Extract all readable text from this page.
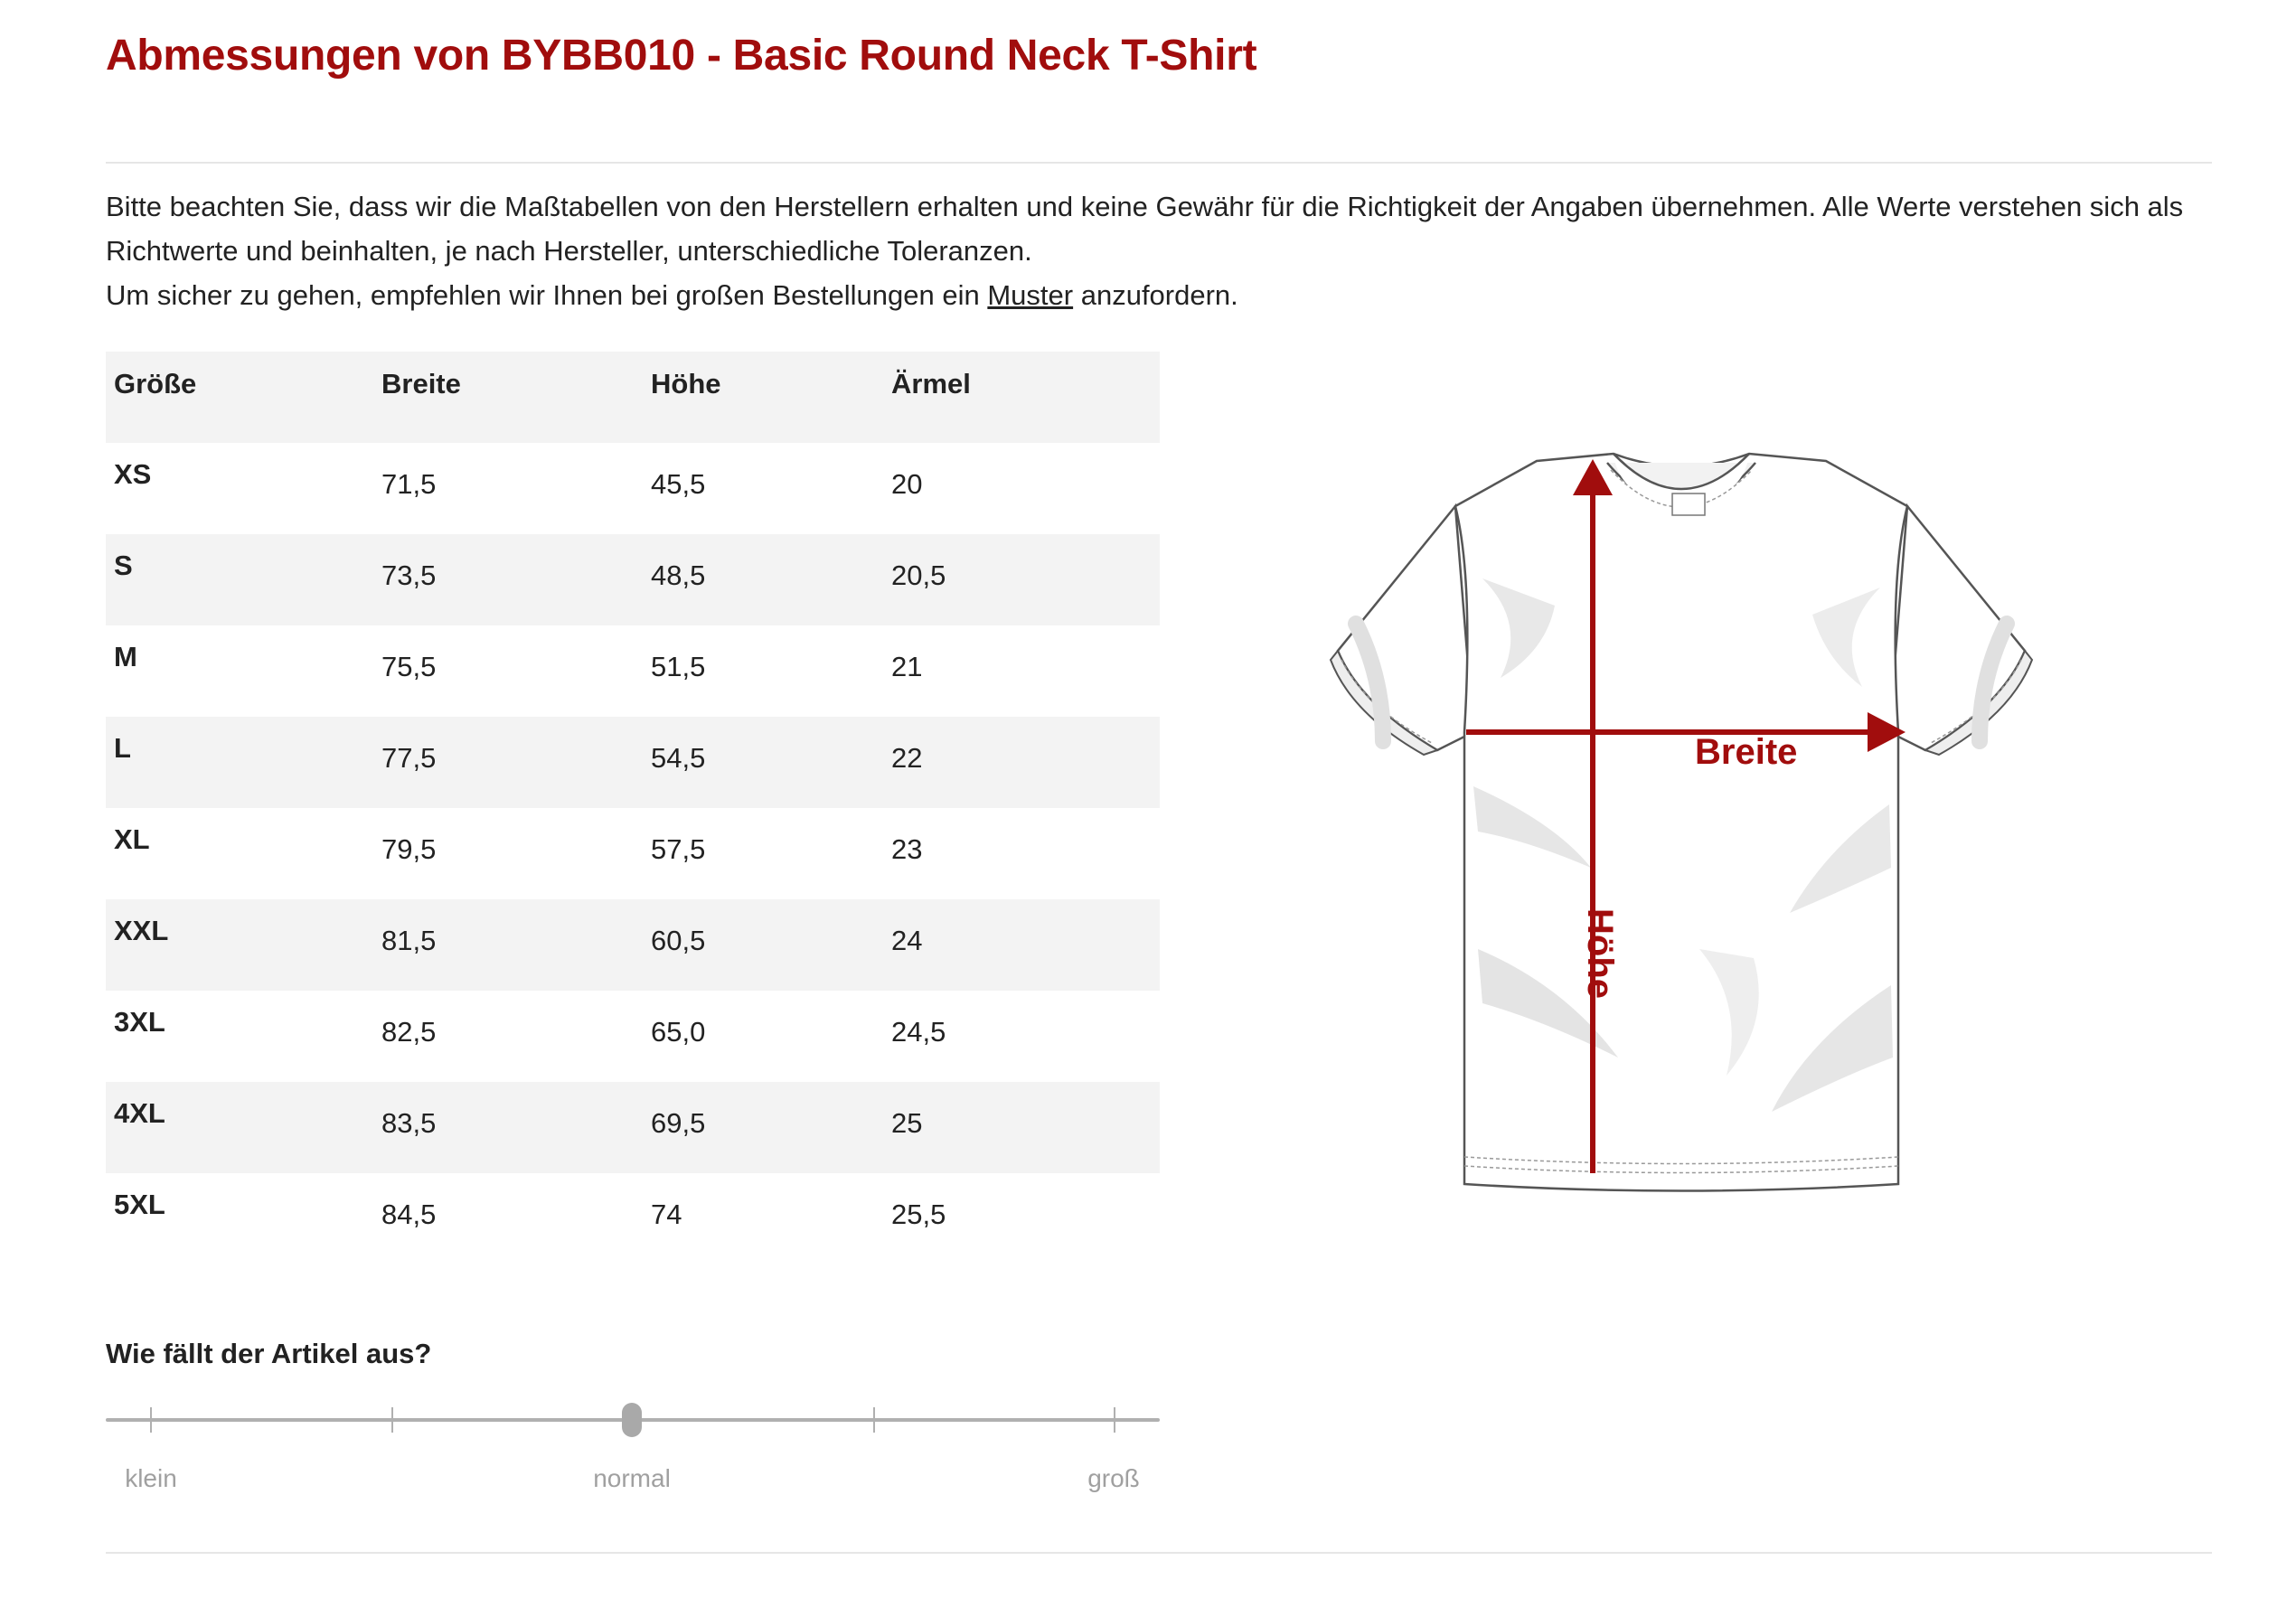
Abmessungen von BYBB010 - Basic Round Neck T-Shirt
Bitte beachten Sie, dass wir die Maßtabellen von den Herstellern erhalten und keine Gewähr für die Richtigkeit der Angaben übernehmen. Alle Werte verstehen sich als Richtwerte und beinhalten, je nach Hersteller, unterschiedliche Toleranzen.
Um sicher zu gehen, empfehlen wir Ihnen bei großen Bestellungen ein Muster anzufordern.
Größe	Breite	Höhe	Ärmel
XS	71,5	45,5	20
S	73,5	48,5	20,5
M	75,5	51,5	21
L	77,5	54,5	22
XL	79,5	57,5	23
XXL	81,5	60,5	24
3XL	82,5	65,0	24,5
4XL	83,5	69,5	25
5XL	84,5	74	25,5
Wie fällt der Artikel aus?
klein	normal	groß
Breite
Höhe
